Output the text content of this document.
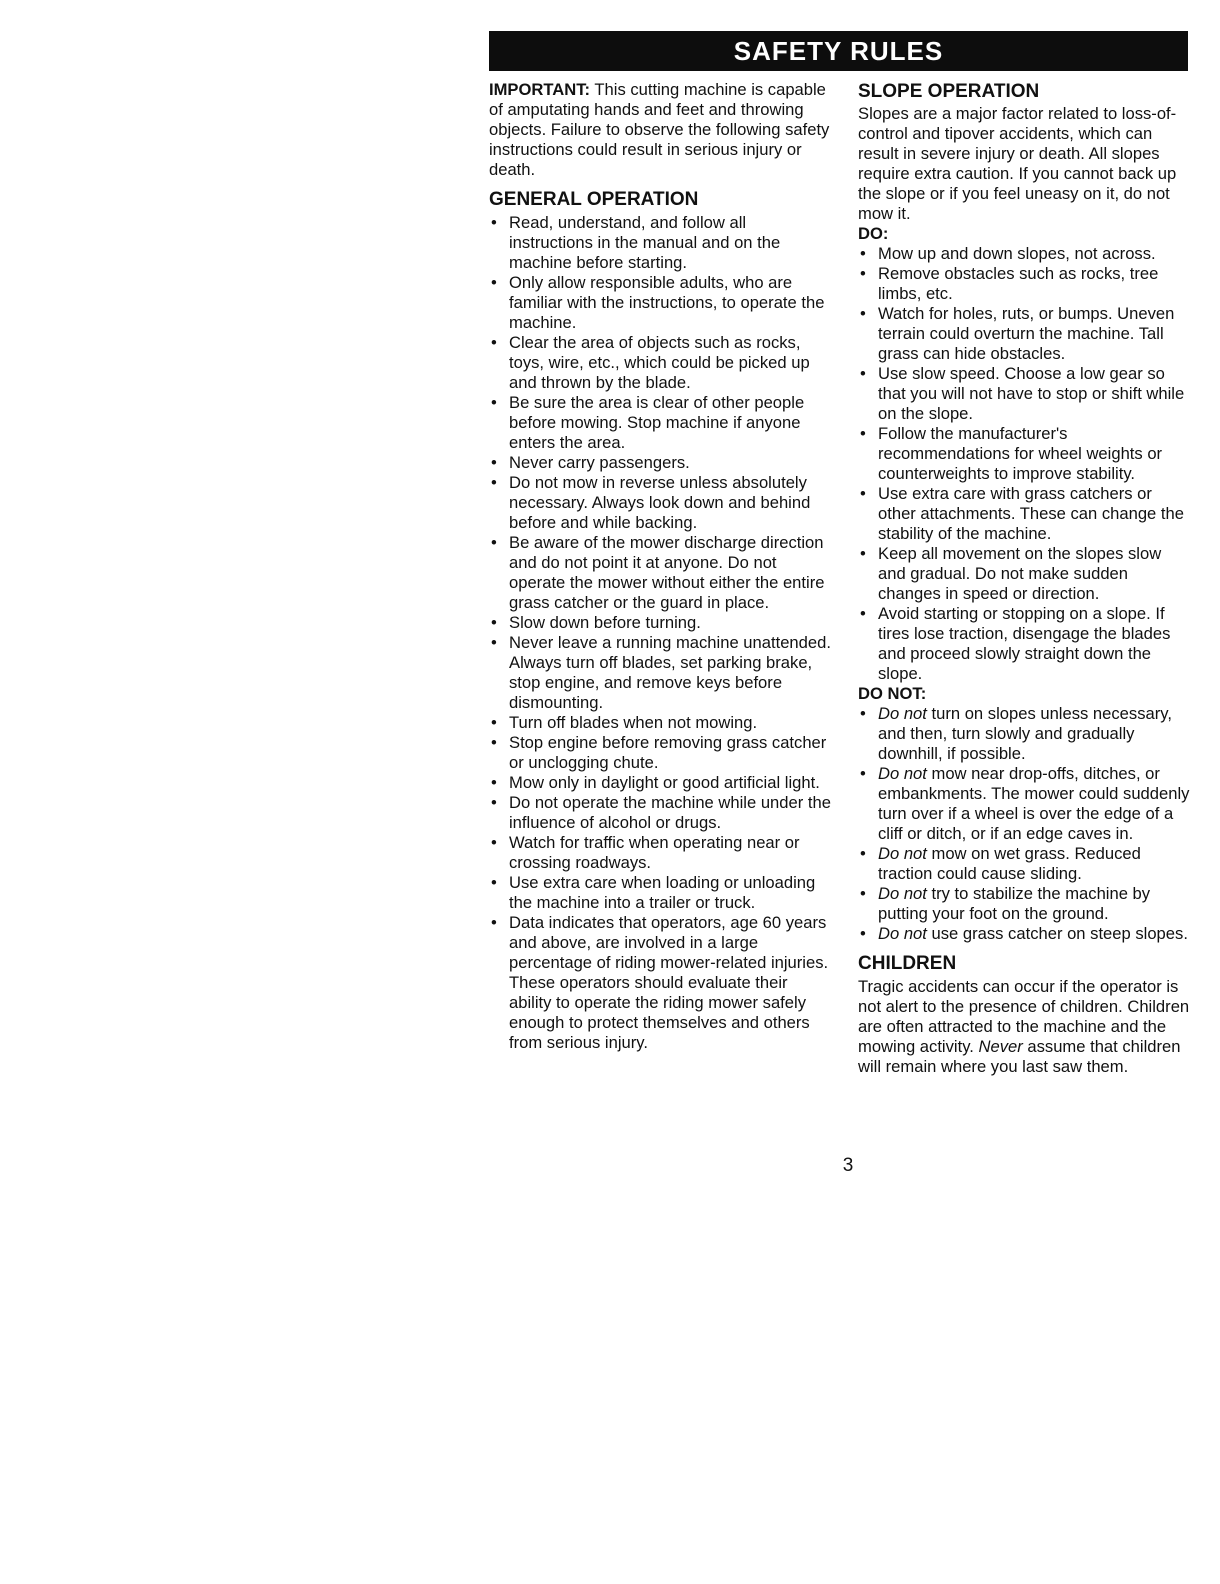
SAFETY RULES

IMPORTANT: This cutting machine is capable of amputating hands and feet and throwing objects. Failure to observe the following safety instructions could result in serious injury or death.

GENERAL OPERATION
• Read, understand, and follow all instructions in the manual and on the machine before starting.
• Only allow responsible adults, who are familiar with the instructions, to operate the machine.
• Clear the area of objects such as rocks, toys, wire, etc., which could be picked up and thrown by the blade.
• Be sure the area is clear of other people before mowing. Stop machine if anyone enters the area.
• Never carry passengers.
• Do not mow in reverse unless absolutely necessary. Always look down and behind before and while backing.
• Be aware of the mower discharge direction and do not point it at anyone. Do not operate the mower without either the entire grass catcher or the guard in place.
• Slow down before turning.
• Never leave a running machine unattended. Always turn off blades, set parking brake, stop engine, and remove keys before dismounting.
• Turn off blades when not mowing.
• Stop engine before removing grass catcher or unclogging chute.
• Mow only in daylight or good artificial light.
• Do not operate the machine while under the influence of alcohol or drugs.
• Watch for traffic when operating near or crossing roadways.
• Use extra care when loading or unloading the machine into a trailer or truck.
• Data indicates that operators, age 60 years and above, are involved in a large percentage of riding mower-related injuries. These operators should evaluate their ability to operate the riding mower safely enough to protect themselves and others from serious injury.
SLOPE OPERATION

Slopes are a major factor related to loss-of-control and tipover accidents, which can result in severe injury or death. All slopes require extra caution. If you cannot back up the slope or if you feel uneasy on it, do not mow it.

DO:
• Mow up and down slopes, not across.
• Remove obstacles such as rocks, tree limbs, etc.
• Watch for holes, ruts, or bumps. Uneven terrain could overturn the machine. Tall grass can hide obstacles.
• Use slow speed. Choose a low gear so that you will not have to stop or shift while on the slope.
• Follow the manufacturer's recommendations for wheel weights or counterweights to improve stability.
• Use extra care with grass catchers or other attachments. These can change the stability of the machine.
• Keep all movement on the slopes slow and gradual. Do not make sudden changes in speed or direction.
• Avoid starting or stopping on a slope. If tires lose traction, disengage the blades and proceed slowly straight down the slope.
DO NOT:
• Do not turn on slopes unless necessary, and then, turn slowly and gradually downhill, if possible.
• Do not mow near drop-offs, ditches, or embankments. The mower could suddenly turn over if a wheel is over the edge of a cliff or ditch, or if an edge caves in.
• Do not mow on wet grass. Reduced traction could cause sliding.
• Do not try to stabilize the machine by putting your foot on the ground.
• Do not use grass catcher on steep slopes.
CHILDREN

Tragic accidents can occur if the operator is not alert to the presence of children. Children are often attracted to the machine and the mowing activity. Never assume that children will remain where you last saw them.

3
